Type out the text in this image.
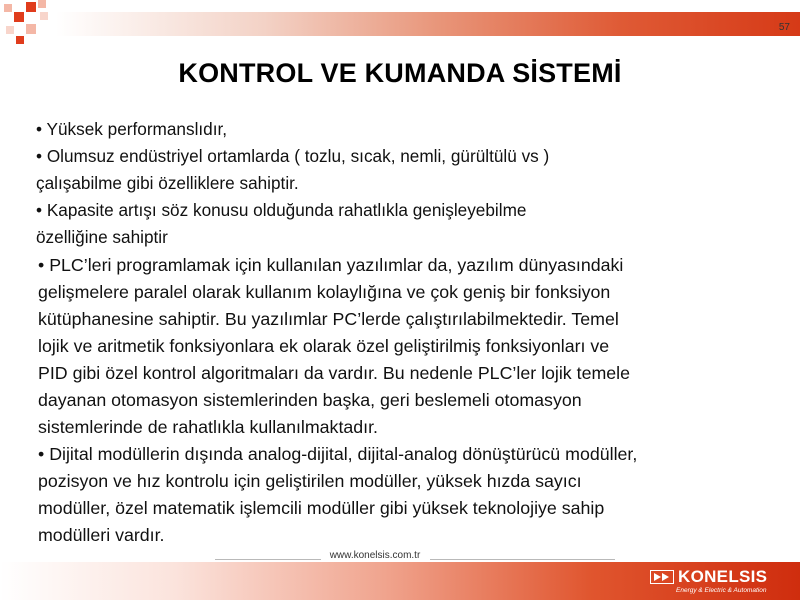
57
KONTROL VE KUMANDA SİSTEMİ

• Yüksek performanslıdır,

• Olumsuz endüstriyel ortamlarda ( tozlu, sıcak, nemli, gürültülü vs )
çalışabilme gibi özelliklere sahiptir.

• Kapasite artışı söz konusu olduğunda rahatlıkla genişleyebilme
özelliğine sahiptir

• PLC’leri programlamak için kullanılan yazılımlar da, yazılım dünyasındaki
gelişmelere paralel olarak kullanım kolaylığına ve çok geniş bir fonksiyon
kütüphanesine sahiptir. Bu yazılımlar PC’lerde çalıştırılabilmektedir. Temel
lojik ve aritmetik fonksiyonlara ek olarak özel geliştirilmiş fonksiyonları ve
PID gibi özel kontrol algoritmaları da vardır. Bu nedenle PLC’ler lojik temele
dayanan otomasyon sistemlerinden başka, geri beslemeli otomasyon
sistemlerinde de rahatlıkla kullanılmaktadır.

• Dijital modüllerin dışında analog-dijital, dijital-analog dönüştürücü modüller,
pozisyon ve hız kontrolu için geliştirilen modüller, yüksek hızda sayıcı
modüller, özel matematik işlemcili modüller gibi yüksek teknolojiye sahip
modülleri vardır.

www.konelsis.com.tr
KONELSIS
Energy & Electric & Automation
